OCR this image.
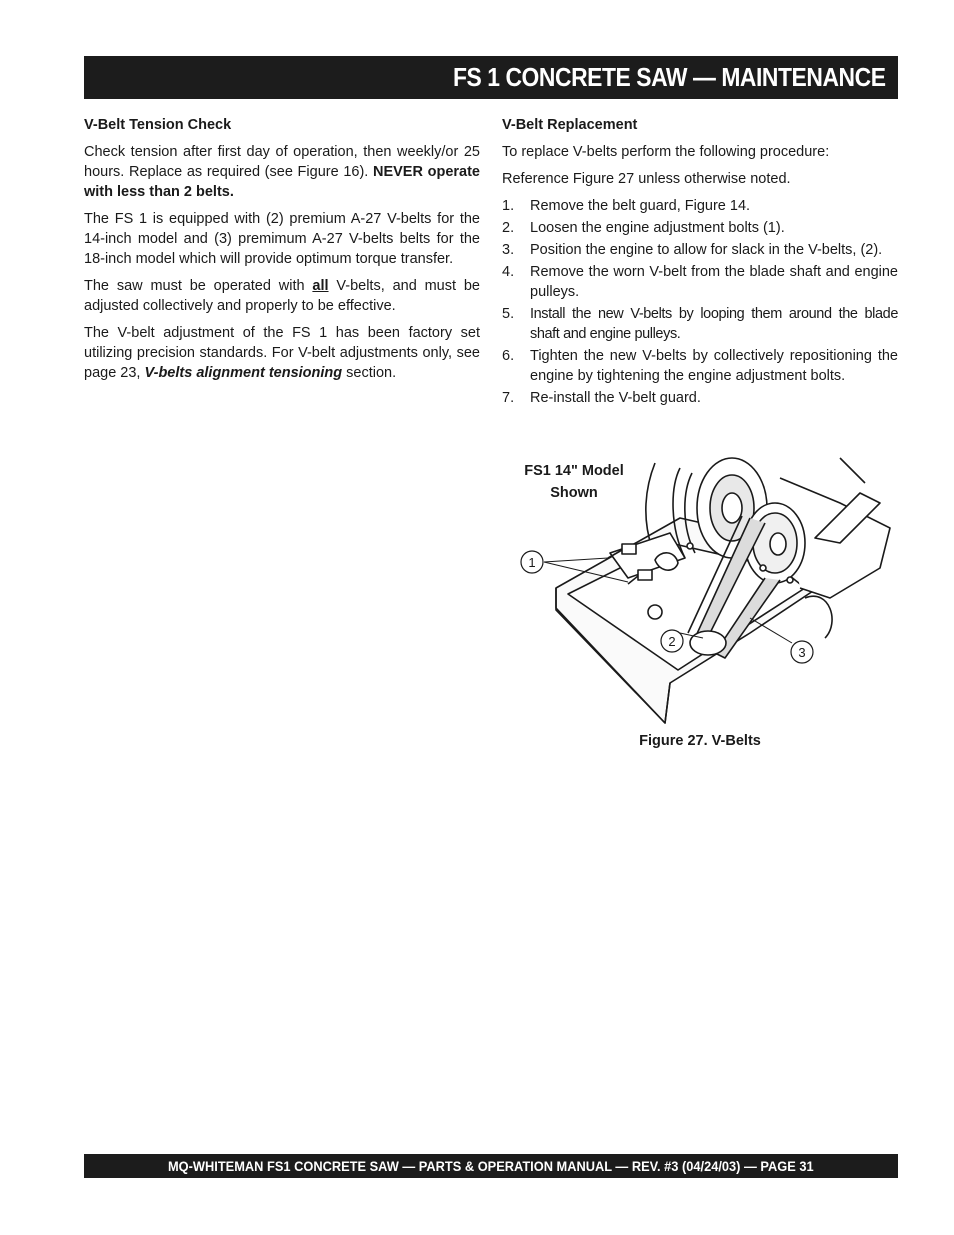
FS 1 CONCRETE SAW — MAINTENANCE
V-Belt Tension Check

Check tension after first day of operation, then weekly/or 25 hours. Replace as required (see Figure 16). NEVER operate with less than 2 belts.

The FS 1 is equipped with (2) premium A-27 V-belts for the 14-inch model and (3) premimum A-27 V-belts belts for the 18-inch model which will provide optimum torque transfer.

The saw must be operated with all V-belts, and must be adjusted collectively and properly to be effective.

The V-belt adjustment of the FS 1 has been factory set utilizing precision standards. For V-belt adjustments only, see page 23, V-belts alignment tensioning section.

V-Belt Replacement

To replace V-belts perform the following procedure:

Reference Figure 27 unless otherwise noted.

1.	Remove the belt guard, Figure 14.
2.	Loosen the engine adjustment bolts (1).
3.	Position the engine to allow for slack in the V-belts, (2).
4.	Remove the worn V-belt from the blade shaft and engine pulleys.
5.	Install the new V-belts by looping them around the blade shaft and engine pulleys.
6.	Tighten the new V-belts by collectively repositioning the engine by tightening the engine adjustment bolts.
7.	Re-install the V-belt guard.
FS1 14" Model
Shown
1
2
3
Figure 27. V-Belts
MQ-WHITEMAN FS1 CONCRETE SAW — PARTS & OPERATION MANUAL — REV. #3 (04/24/03) — PAGE 31
